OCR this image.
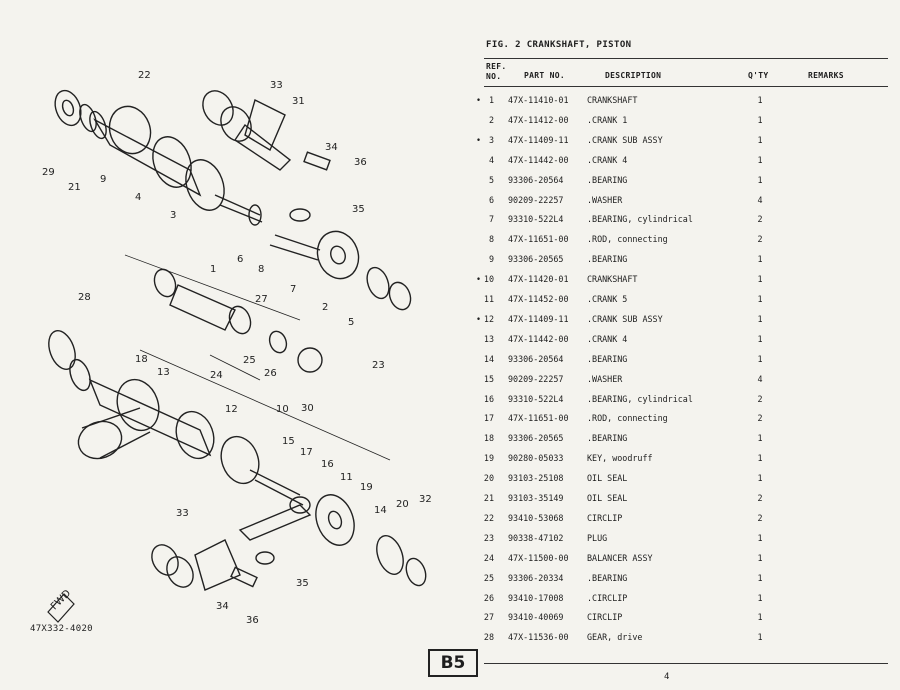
22
33
31
29
21
9
4
3
34
36
35
1
6
8
7
2
5
23
28	27
25
26
24
18
13
30
12	10
15
17
16
11
19
14
20 32
33
35
34
36
FWD
47X332-4020
FIG. 2 CRANKSHAFT, PISTON
REF. NO.	PART NO.	DESCRIPTION	Q'TY	REMARKS
• 1 47X-11410-01 CRANKSHAFT	1
2 47X-11412-00 .CRANK 1	1
• 3 47X-11409-11 .CRANK SUB ASSY	1
4 47X-11442-00 .CRANK 4	1
5 93306-20564	.BEARING	1
6 90209-22257	.WASHER	4
7 93310-522L4	.BEARING, cylindrical	2
8 47X-11651-00 .ROD, connecting	2
9 93306-20565	.BEARING	1
• 10 47X-11420-01 CRANKSHAFT	1
11 47X-11452-00 .CRANK 5	1
• 12 47X-11409-11 .CRANK SUB ASSY	1
13 47X-11442-00 .CRANK 4	1
14 93306-20564	.BEARING	1
15 90209-22257	.WASHER	4
16 93310-522L4	.BEARING, cylindrical	2
17 47X-11651-00 .ROD, connecting	2
18 93306-20565	.BEARING	1
19 90280-05033	KEY, woodruff	1
20 93103-25108	OIL SEAL	1
21 93103-35149	OIL SEAL	2
22 93410-53068	CIRCLIP	2
23 90338-47102	PLUG	1
24 47X-11500-00 BALANCER ASSY	1
25 93306-20334	.BEARING	1
26 93410-17008	.CIRCLIP	1
27 93410-40069	CIRCLIP	1
28 47X-11536-00 GEAR, drive	1
B5
4
